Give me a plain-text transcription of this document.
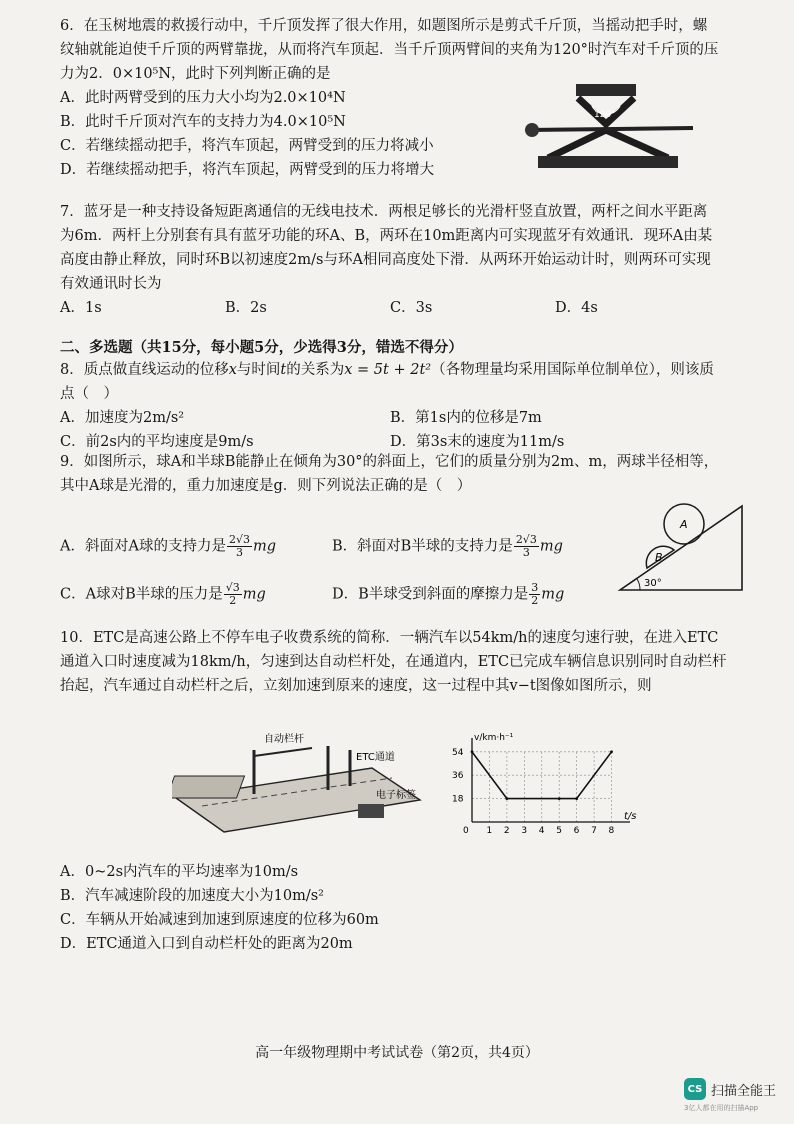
6．在玉树地震的救援行动中，千斤顶发挥了很大作用，如题图所示是剪式千斤顶，当摇动把手时，螺纹轴就能迫使千斤顶的两臂靠拢，从而将汽车顶起．当千斤顶两臂间的夹角为120°时汽车对千斤顶的压力为2．0×10⁵N，此时下列判断正确的是

A．此时两臂受到的压力大小均为2.0×10⁴N
B．此时千斤顶对汽车的支持力为4.0×10⁵N
C．若继续摇动把手，将汽车顶起，两臂受到的压力将减小
D．若继续摇动把手，将汽车顶起，两臂受到的压力将增大
120°

7．蓝牙是一种支持设备短距离通信的无线电技术．两根足够长的光滑杆竖直放置，两杆之间水平距离为6m．两杆上分别套有具有蓝牙功能的环A、B，两环在10m距离内可实现蓝牙有效通讯．现环A由某高度由静止释放，同时环B以初速度2m/s与环A相同高度处下滑．从两环开始运动计时，则两环可实现有效通讯时长为

A．1s	B．2s	C．3s	D．4s
二、多选题（共15分，每小题5分，少选得3分，错选不得分）

8．质点做直线运动的位移x与时间t的关系为x = 5t + 2t²（各物理量均采用国际单位制单位），则该质点（　）

A．加速度为2m/s²	B．第1s内的位移是7m
C．前2s内的平均速度是9m/s	D．第3s末的速度为11m/s

9．如图所示，球A和半球B能静止在倾角为30°的斜面上，它们的质量分别为2m、m，两球半径相等，其中A球是光滑的，重力加速度是g．则下列说法正确的是（　）

A．斜面对A球的支持力是 $\frac{2√3}{3}$ mg	B．斜面对B半球的支持力是 $\frac{2√3}{3}$ mg
C．A球对B半球的压力是 $\frac{√3}{2}$ mg	D．B半球受到斜面的摩擦力是 $\frac{3}{2}$ mg
A
B
30°

10．ETC是高速公路上不停车电子收费系统的简称．一辆汽车以54km/h的速度匀速行驶，在进入ETC通道入口时速度减为18km/h，匀速到达自动栏杆处，在通道内，ETC已完成车辆信息识别同时自动栏杆抬起，汽车通过自动栏杆之后，立刻加速到原来的速度，这一过程中其v−t图像如图所示，则

自动栏杆
ETC通道
电子标签	18
36
54
0 1 2 3 4 5 6 7 8
v/km·h⁻¹
t/s
A．0~2s内汽车的平均速率为10m/s
B．汽车减速阶段的加速度大小为10m/s²
C．车辆从开始减速到加速到原速度的位移为60m
D．ETC通道入口到自动栏杆处的距离为20m
高一年级物理期中考试试卷（第2页，共4页）
CS 扫描全能王
3亿人都在用的扫描App
